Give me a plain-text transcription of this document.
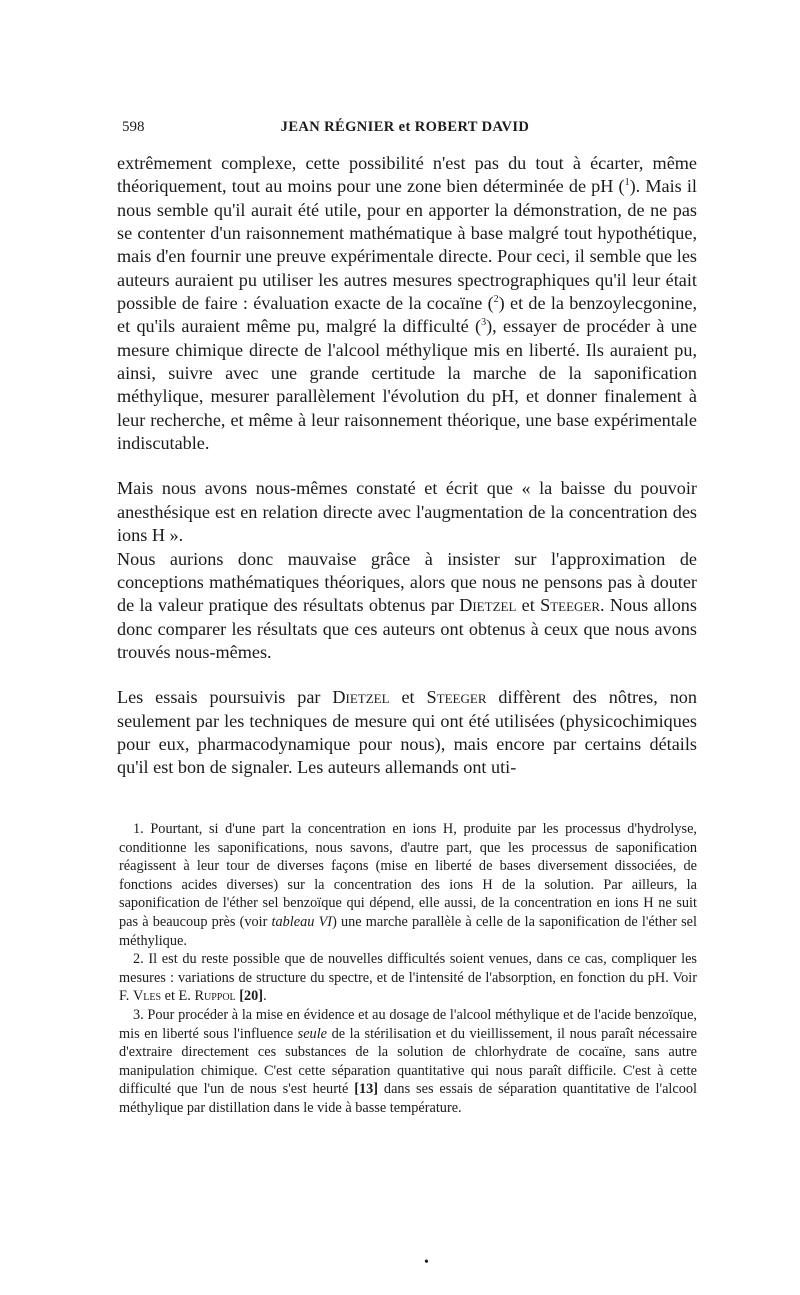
598	JEAN RÉGNIER et ROBERT DAVID

extrêmement complexe, cette possibilité n'est pas du tout à écarter, même théoriquement, tout au moins pour une zone bien déterminée de pH ($^1$). Mais il nous semble qu'il aurait été utile, pour en apporter la démonstration, de ne pas se contenter d'un raisonnement mathématique à base malgré tout hypothétique, mais d'en fournir une preuve expérimentale directe. Pour ceci, il semble que les auteurs auraient pu utiliser les autres mesures spectrographiques qu'il leur était possible de faire : évaluation exacte de la cocaïne ($^2$) et de la benzoylecgonine, et qu'ils auraient même pu, malgré la difficulté ($^3$), essayer de procéder à une mesure chimique directe de l'alcool méthylique mis en liberté. Ils auraient pu, ainsi, suivre avec une grande certitude la marche de la saponification méthylique, mesurer parallèlement l'évolution du pH, et donner finalement à leur recherche, et même à leur raisonnement théorique, une base expérimentale indiscutable.

Mais nous avons nous-mêmes constaté et écrit que « la baisse du pouvoir anesthésique est en relation directe avec l'augmentation de la concentration des ions H ».

Nous aurions donc mauvaise grâce à insister sur l'approximation de conceptions mathématiques théoriques, alors que nous ne pensons pas à douter de la valeur pratique des résultats obtenus par Dietzel et Steeger. Nous allons donc comparer les résultats que ces auteurs ont obtenus à ceux que nous avons trouvés nous-mêmes.

Les essais poursuivis par Dietzel et Steeger diffèrent des nôtres, non seulement par les techniques de mesure qui ont été utilisées (physicochimiques pour eux, pharmacodynamique pour nous), mais encore par certains détails qu'il est bon de signaler. Les auteurs allemands ont uti-

1. Pourtant, si d'une part la concentration en ions H, produite par les processus d'hydrolyse, conditionne les saponifications, nous savons, d'autre part, que les processus de saponification réagissent à leur tour de diverses façons (mise en liberté de bases diversement dissociées, de fonctions acides diverses) sur la concentration des ions H de la solution. Par ailleurs, la saponification de l'éther sel benzoïque qui dépend, elle aussi, de la concentration en ions H ne suit pas à beaucoup près (voir tableau VI) une marche parallèle à celle de la saponification de l'éther sel méthylique.

2. Il est du reste possible que de nouvelles difficultés soient venues, dans ce cas, compliquer les mesures : variations de structure du spectre, et de l'intensité de l'absorption, en fonction du pH. Voir F. Vles et E. Ruppol [20].

3. Pour procéder à la mise en évidence et au dosage de l'alcool méthylique et de l'acide benzoïque, mis en liberté sous l'influence seule de la stérilisation et du vieillissement, il nous paraît nécessaire d'extraire directement ces substances de la solution de chlorhydrate de cocaïne, sans autre manipulation chimique. C'est cette séparation quantitative qui nous paraît difficile. C'est à cette difficulté que l'un de nous s'est heurté [13] dans ses essais de séparation quantitative de l'alcool méthylique par distillation dans le vide à basse température.

•
